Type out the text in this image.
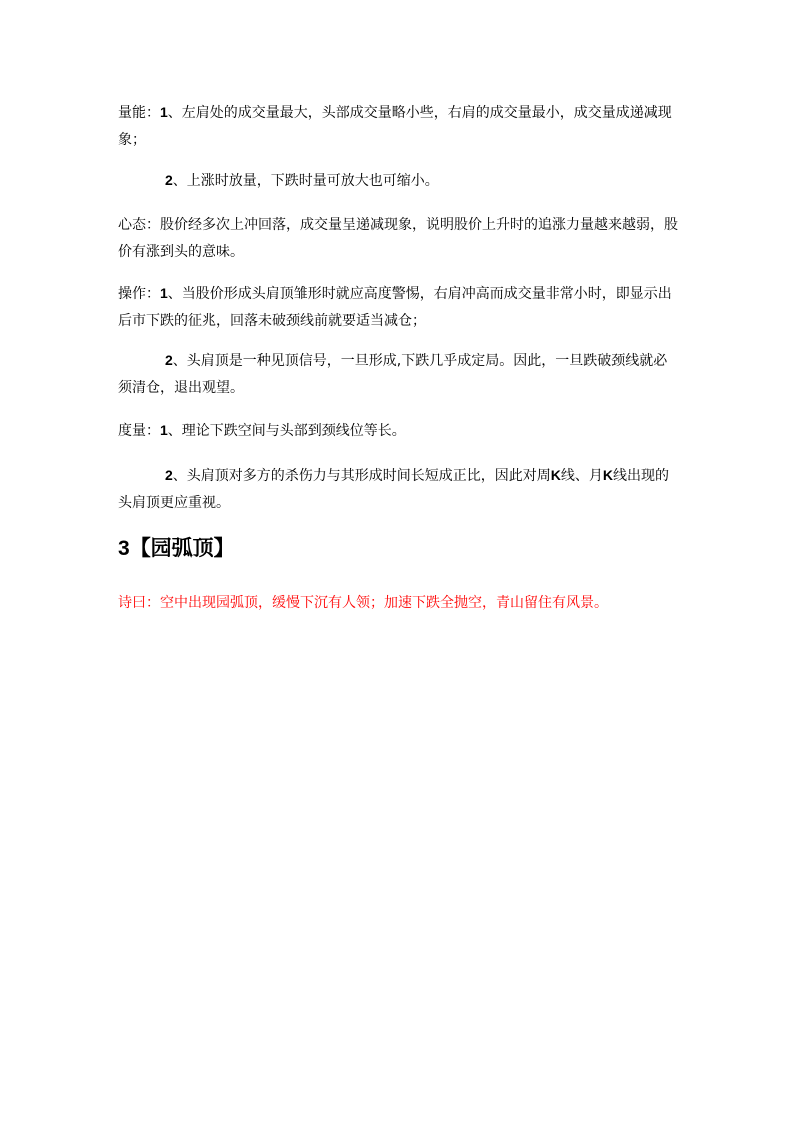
量能：1、左肩处的成交量最大，头部成交量略小些，右肩的成交量最小，成交量成递减现象；

2、上涨时放量，下跌时量可放大也可缩小。

心态：股价经多次上冲回落，成交量呈递减现象，说明股价上升时的追涨力量越来越弱，股价有涨到头的意味。

操作：1、当股价形成头肩顶雏形时就应高度警惕，右肩冲高而成交量非常小时，即显示出后市下跌的征兆，回落未破颈线前就要适当减仓；

2、头肩顶是一种见顶信号，一旦形成,下跌几乎成定局。因此，一旦跌破颈线就必须清仓，退出观望。

度量：1、理论下跌空间与头部到颈线位等长。

2、头肩顶对多方的杀伤力与其形成时间长短成正比，因此对周K线、月K线出现的头肩顶更应重视。

3【园弧顶】

诗曰：空中出现园弧顶，缓慢下沉有人领；加速下跌全抛空，青山留住有风景。
